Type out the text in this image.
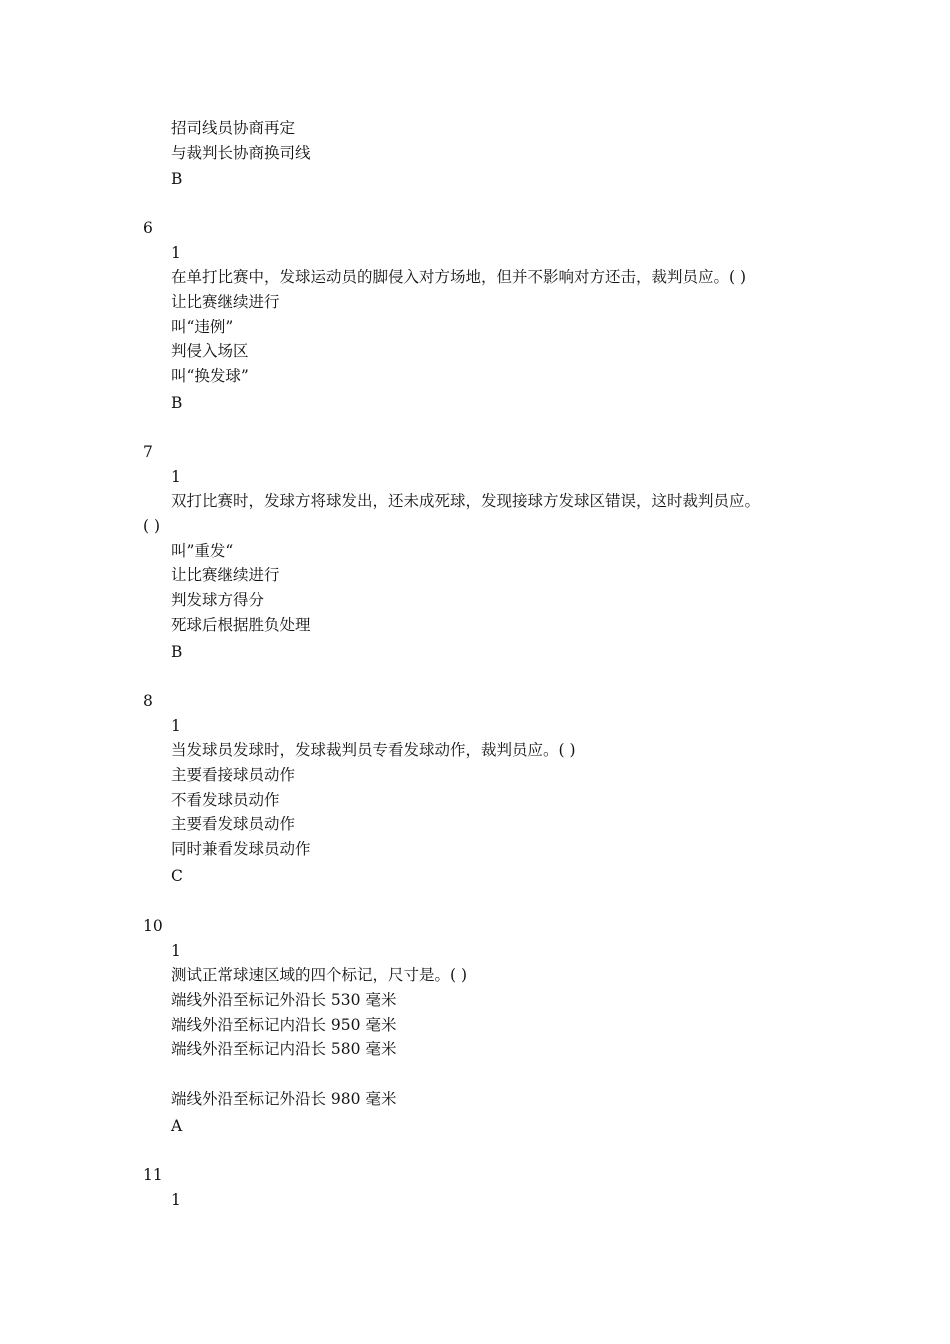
招司线员协商再定
与裁判长协商换司线
B
6
1
在单打比赛中，发球运动员的脚侵入对方场地，但并不影响对方还击，裁判员应。( )
让比赛继续进行
叫“违例”
判侵入场区
叫“换发球”
B
7
1
双打比赛时，发球方将球发出，还未成死球，发现接球方发球区错误，这时裁判员应。
( )
叫”重发“
让比赛继续进行
判发球方得分
死球后根据胜负处理
B
8
1
当发球员发球时，发球裁判员专看发球动作，裁判员应。( )
主要看接球员动作
不看发球员动作
主要看发球员动作
同时兼看发球员动作
C
10
1
测试正常球速区域的四个标记，尺寸是。( )
端线外沿至标记外沿长 530 毫米
端线外沿至标记内沿长 950 毫米
端线外沿至标记内沿长 580 毫米
端线外沿至标记外沿长 980 毫米
A
11
1
